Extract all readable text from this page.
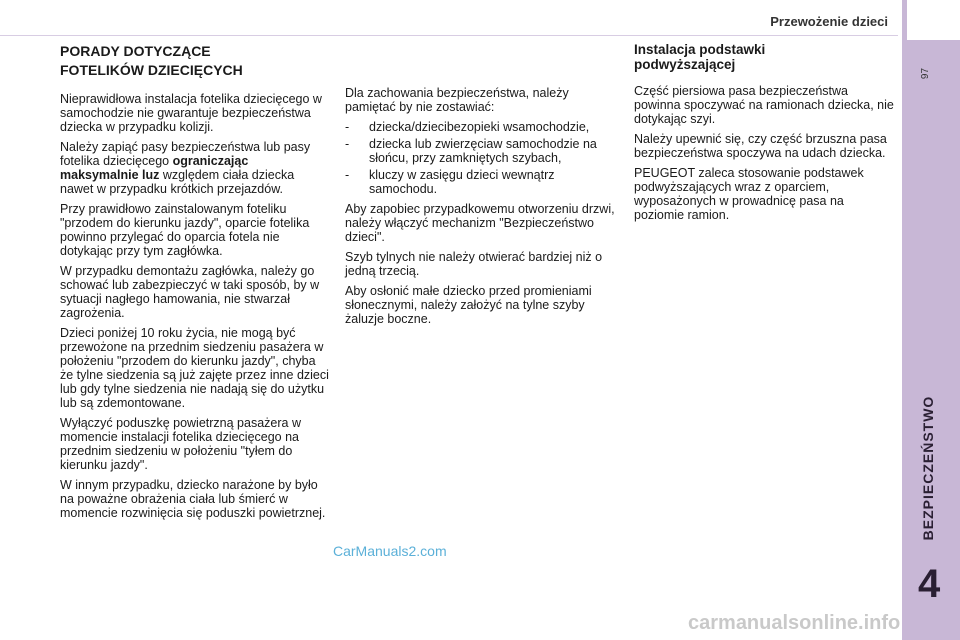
Przewożenie dzieci
97
BEZPIECZEŃSTWO
4
PORADY DOTYCZĄCE
FOTELIKÓW DZIECIĘCYCH

Nieprawidłowa instalacja fotelika dziecięcego w samochodzie nie gwarantuje bezpieczeństwa dziecka w przypadku kolizji.

Należy zapiąć pasy bezpieczeństwa lub pasy fotelika dziecięcego ograniczając maksymalnie luz względem ciała dziecka nawet w przypadku krótkich przejazdów.

Przy prawidłowo zainstalowanym foteliku "przodem do kierunku jazdy", oparcie fotelika powinno przylegać do oparcia fotela nie dotykając przy tym zagłówka.

W przypadku demontażu zagłówka, należy go schować lub zabezpieczyć w taki sposób, by w sytuacji nagłego hamowania, nie stwarzał zagrożenia.

Dzieci poniżej 10 roku życia, nie mogą być przewożone na przednim siedzeniu pasażera w położeniu "przodem do kierunku jazdy", chyba że tylne siedzenia są już zajęte przez inne dzieci lub gdy tylne siedzenia nie nadają się do użytku lub są zdemontowane.

Wyłączyć poduszkę powietrzną pasażera w momencie instalacji fotelika dziecięcego na przednim siedzeniu w położeniu "tyłem do kierunku jazdy".

W innym przypadku, dziecko narażone by było na poważne obrażenia ciała lub śmierć w momencie rozwinięcia się poduszki powietrznej.

Dla zachowania bezpieczeństwa, należy pamiętać by nie zostawiać:

- dziecka/dziecibezopieki wsamochodzie,
- dziecka lub zwierzęciaw samochodzie na słońcu, przy zamkniętych szybach,
- kluczy w zasięgu dzieci wewnątrz samochodu.

Aby zapobiec przypadkowemu otworzeniu drzwi, należy włączyć mechanizm "Bezpieczeństwo dzieci".

Szyb tylnych nie należy otwierać bardziej niż o jedną trzecią.

Aby osłonić małe dziecko przed promieniami słonecznymi, należy założyć na tylne szyby żaluzje boczne.

Instalacja podstawki
podwyższającej

Część piersiowa pasa bezpieczeństwa powinna spoczywać na ramionach dziecka, nie dotykając szyi.

Należy upewnić się, czy część brzuszna pasa bezpieczeństwa spoczywa na udach dziecka.

PEUGEOT zaleca stosowanie podstawek podwyższających wraz z oparciem, wyposażonych w prowadnicę pasa na poziomie ramion.

CarManuals2.com
carmanualsonline.info
